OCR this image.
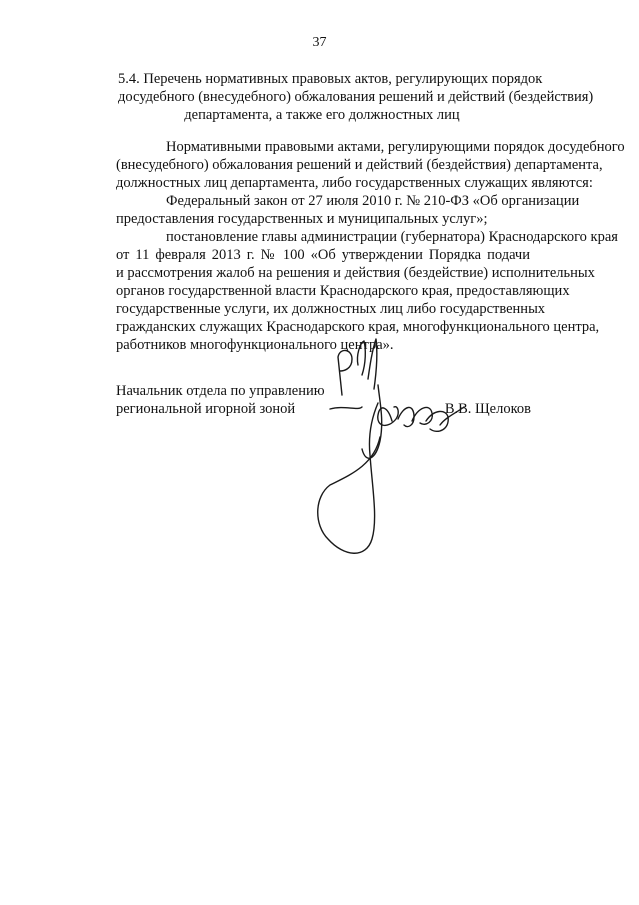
37
5.4. Перечень нормативных правовых актов, регулирующих порядок
досудебного (внесудебного) обжалования решений и действий (бездействия)
департамента, а также его должностных лиц
Нормативными правовыми актами, регулирующими порядок досудебного
(внесудебного) обжалования решений и действий (бездействия) департамента,
должностных лиц департамента, либо государственных служащих являются:
Федеральный закон от 27 июля 2010 г. № 210-ФЗ «Об организации
предоставления государственных и муниципальных услуг»;
постановление главы администрации (губернатора) Краснодарского края
от 11 февраля 2013 г. № 100 «Об утверждении Порядка подачи
и рассмотрения жалоб на решения и действия (бездействие) исполнительных
органов государственной власти Краснодарского края, предоставляющих
государственные услуги, их должностных лиц либо государственных
гражданских служащих Краснодарского края, многофункционального центра,
работников многофункционального центра».
Начальник отдела по управлению
региональной игорной зоной	В.В. Щелоков
